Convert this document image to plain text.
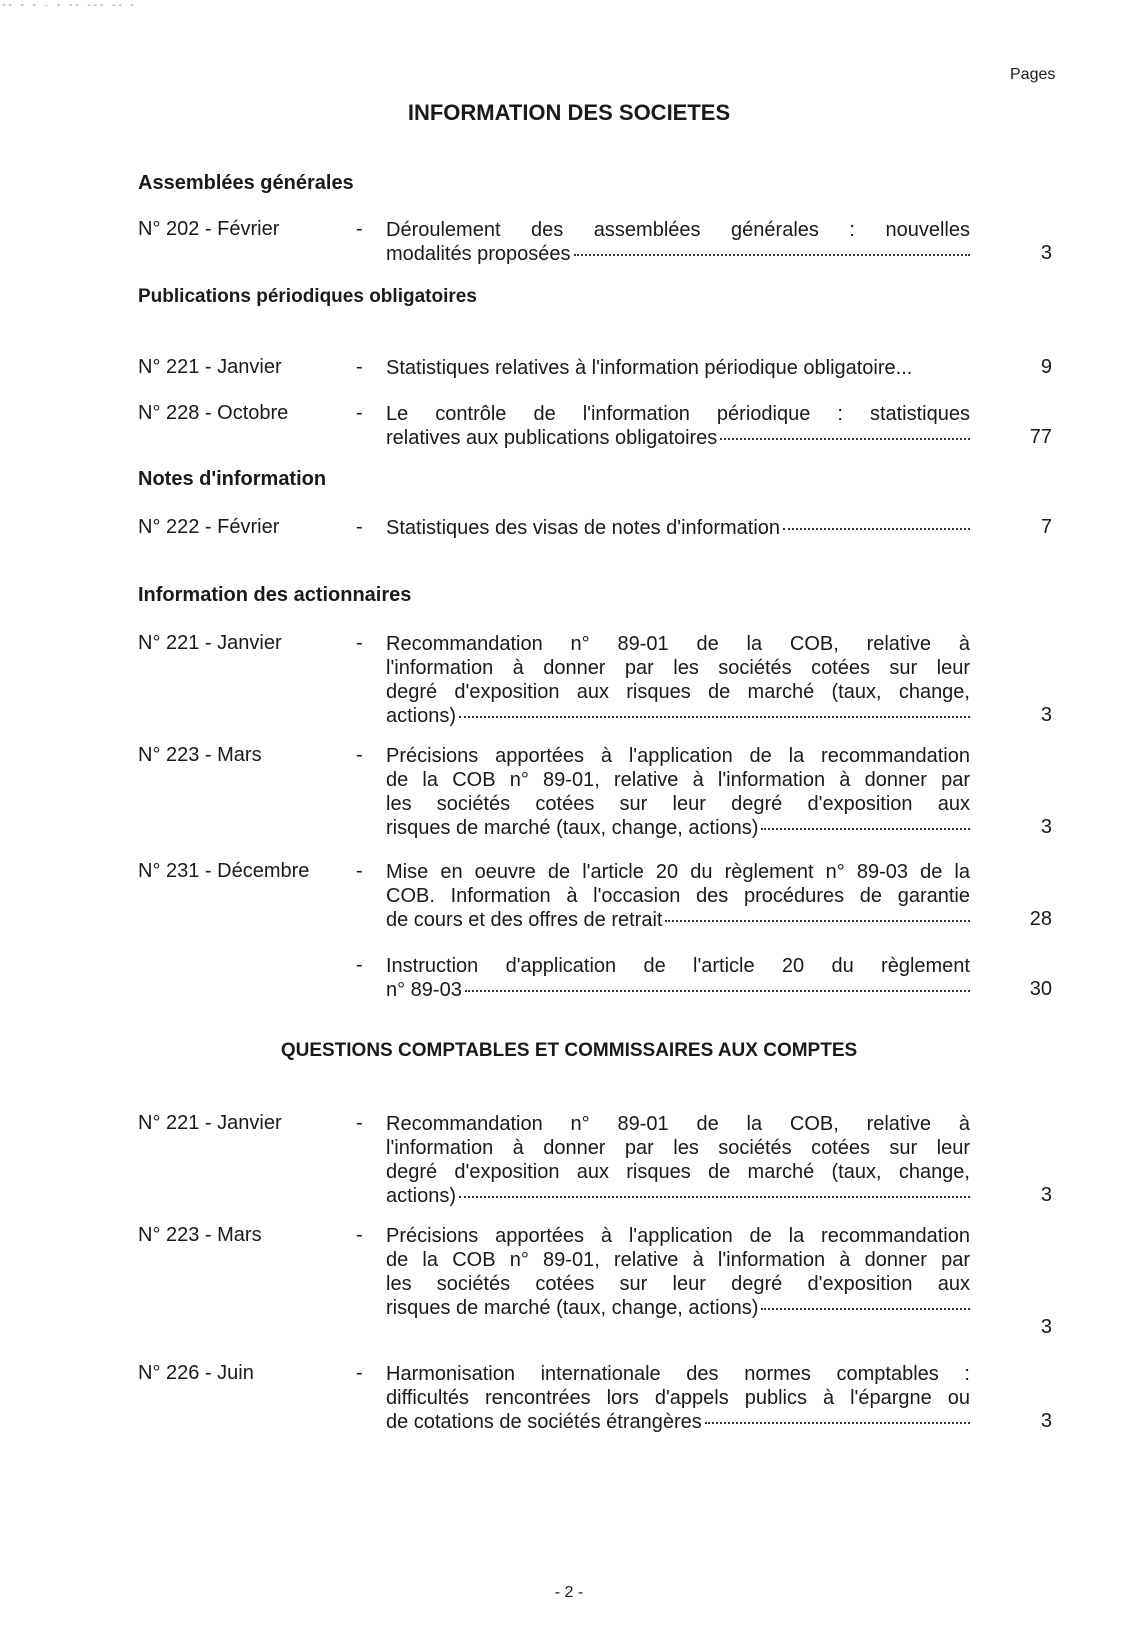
-- - - · - -- --- -- -
Pages
INFORMATION DES SOCIETES
Assemblées générales
N° 202 - Février	- Déroulement des assemblées générales : nouvelles
modalités proposées	3
Publications périodiques obligatoires
N° 221 - Janvier	- Statistiques relatives à l'information périodique obligatoire ...	9
N° 228 - Octobre	- Le contrôle de l'information périodique : statistiques
relatives aux publications obligatoires	77
Notes d'information
N° 222 - Février	- Statistiques des visas de notes d'information	7
Information des actionnaires
N° 221 - Janvier	- Recommandation n° 89-01 de la COB, relative à
l'information à donner par les sociétés cotées sur leur
degré d'exposition aux risques de marché (taux, change,
actions)	3
N° 223 - Mars	- Précisions apportées à l'application de la recommandation
de la COB n° 89-01, relative à l'information à donner par
les sociétés cotées sur leur degré d'exposition aux
risques de marché (taux, change, actions)	3
N° 231 - Décembre - Mise en oeuvre de l'article 20 du règlement n° 89-03 de la
COB. Information à l'occasion des procédures de garantie
de cours et des offres de retrait	28
- Instruction d'application de l'article 20 du règlement
n° 89-03	30
QUESTIONS COMPTABLES ET COMMISSAIRES AUX COMPTES
N° 221 - Janvier	- Recommandation n° 89-01 de la COB, relative à
l'information à donner par les sociétés cotées sur leur
degré d'exposition aux risques de marché (taux, change,
actions)	3
N° 223 - Mars	- Précisions apportées à l'application de la recommandation
de la COB n° 89-01, relative à l'information à donner par
les sociétés cotées sur leur degré d'exposition aux
risques de marché (taux, change, actions)
3
N° 226 - Juin	- Harmonisation internationale des normes comptables :
difficultés rencontrées lors d'appels publics à l'épargne ou
de cotations de sociétés étrangères	3
- 2 -
